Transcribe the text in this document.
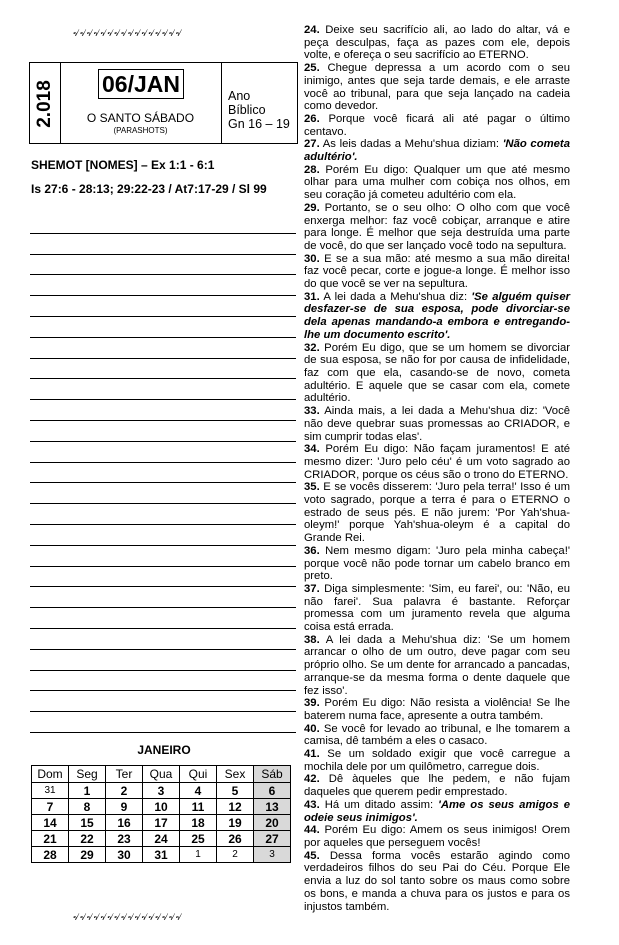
৵৵৵৵৵৵৵৵৵৵৵৵৵৵৵৵
2.018 06/JAN
O SANTO SÁBADO
(PARASHOTS)
Ano
Bíblico
Gn 16 – 19
SHEMOT [NOMES] – Ex 1:1 - 6:1
Is 27:6 - 28:13; 29:22-23 / At7:17-29 / Sl 99
JANEIRO
Dom	Seg	Ter	Qua	Qui	Sex	Sáb
31	1	2	3	4	5	6
7	8	9	10	11	12	13
14	15	16	17	18	19	20
21	22	23	24	25	26	27
28	29	30	31	1	2	3

24. Deixe seu sacrifício ali, ao lado do altar, vá e peça desculpas, faça as pazes com ele, depois volte, e ofereça o seu sacrifício ao ETERNO.

25. Chegue depressa a um acordo com o seu inimigo, antes que seja tarde demais, e ele arraste você ao tribunal, para que seja lançado na cadeia como devedor.

26. Porque você ficará ali até pagar o último centavo.

27. As leis dadas a Mehu'shua diziam: 'Não cometa adultério'.

28. Porém Eu digo: Qualquer um que até mesmo olhar para uma mulher com cobiça nos olhos, em seu coração já cometeu adultério com ela.

29. Portanto, se o seu olho: O olho com que você enxerga melhor: faz você cobiçar, arranque e atire para longe. É melhor que seja destruída uma parte de você, do que ser lançado você todo na sepultura.

30. E se a sua mão: até mesmo a sua mão direita! faz você pecar, corte e jogue-a longe. É melhor isso do que você se ver na sepultura.

31. A lei dada a Mehu'shua diz: 'Se alguém quiser desfazer-se de sua esposa, pode divorciar-se dela apenas mandando-a embora e entregando-lhe um documento escrito'.

32. Porém Eu digo, que se um homem se divorciar de sua esposa, se não for por causa de infidelidade, faz com que ela, casando-se de novo, cometa adultério. E aquele que se casar com ela, comete adultério.

33. Ainda mais, a lei dada a Mehu'shua diz: 'Você não deve quebrar suas promessas ao CRIADOR, e sim cumprir todas elas'.

34. Porém Eu digo: Não façam juramentos! E até mesmo dizer: 'Juro pelo céu' é um voto sagrado ao CRIADOR, porque os céus são o trono do ETERNO.

35. E se vocês disserem: 'Juro pela terra!' Isso é um voto sagrado, porque a terra é para o ETERNO o estrado de seus pés. E não jurem: 'Por Yah'shua-oleym!' porque Yah'shua-oleym é a capital do Grande Rei.

36. Nem mesmo digam: 'Juro pela minha cabeça!' porque você não pode tornar um cabelo branco em preto.

37. Diga simplesmente: 'Sim, eu farei', ou: 'Não, eu não farei'. Sua palavra é bastante. Reforçar promessa com um juramento revela que alguma coisa está errada.

38. A lei dada a Mehu'shua diz: 'Se um homem arrancar o olho de um outro, deve pagar com seu próprio olho. Se um dente for arrancado a pancadas, arranque-se da mesma forma o dente daquele que fez isso'.

39. Porém Eu digo: Não resista a violência! Se lhe baterem numa face, apresente a outra também.

40. Se você for levado ao tribunal, e lhe tomarem a camisa, dê também a eles o casaco.

41. Se um soldado exigir que você carregue a mochila dele por um quilômetro, carregue dois.

42. Dê àqueles que lhe pedem, e não fujam daqueles que querem pedir emprestado.

43. Há um ditado assim: 'Ame os seus amigos e odeie seus inimigos'.

44. Porém Eu digo: Amem os seus inimigos! Orem por aqueles que perseguem vocês!

45. Dessa forma vocês estarão agindo como verdadeiros filhos do seu Pai do Céu. Porque Ele envia a luz do sol tanto sobre os maus como sobre os bons, e manda a chuva para os justos e para os injustos também.

৵৵৵৵৵৵৵৵৵৵৵৵৵৵৵৵
